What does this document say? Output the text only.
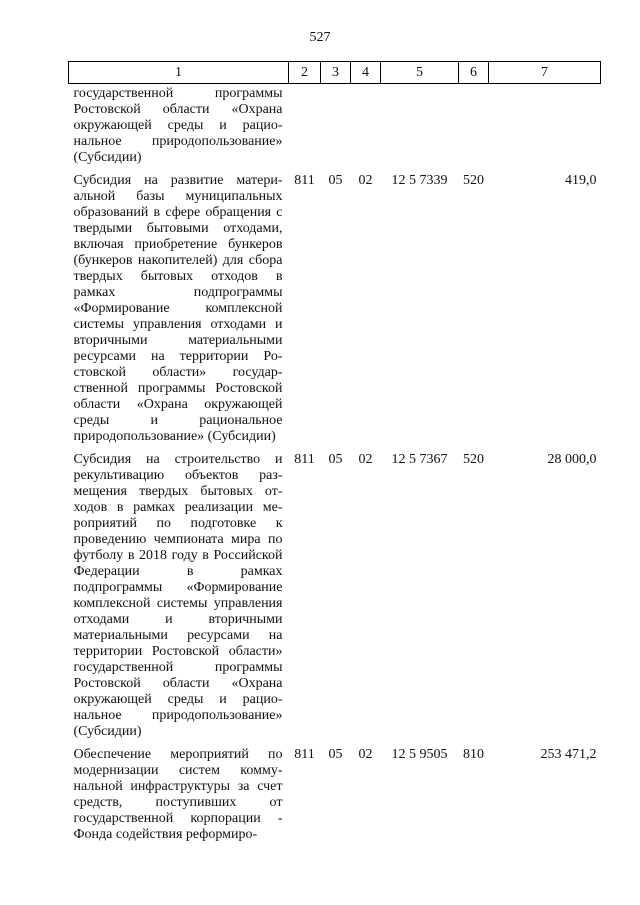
527
1	2	3	4	5	6	7
государственной программы Ростовской области «Охрана окружающей среды и рациональное природопользование» (Субсидии)						
Субсидия на развитие материальной базы муниципальных образований в сфере обращения с твердыми бытовыми отходами, включая приобретение бункеров (бункеров накопителей) для сбора твердых бытовых отходов в рамках подпрограммы «Формирование комплексной системы управления отходами и вторичными материальными ресурсами на территории Ростовской области» государственной программы Ростовской области «Охрана окружающей среды и рациональное природопользование» (Субсидии)	811	05	02	12 5 7339	520	419,0
Субсидия на строительство и рекультивацию объектов размещения твердых бытовых отходов в рамках реализации мероприятий по подготовке к проведению чемпионата мира по футболу в 2018 году в Российской Федерации в рамках подпрограммы «Формирование комплексной системы управления отходами и вторичными материальными ресурсами на территории Ростовской области» государственной программы Ростовской области «Охрана окружающей среды и рациональное природопользование» (Субсидии)	811	05	02	12 5 7367	520	28 000,0
Обеспечение мероприятий по модернизации систем коммунальной инфраструктуры за счет средств, поступивших от государственной корпорации - Фонда содействия реформиро-	811	05	02	12 5 9505	810	253 471,2
